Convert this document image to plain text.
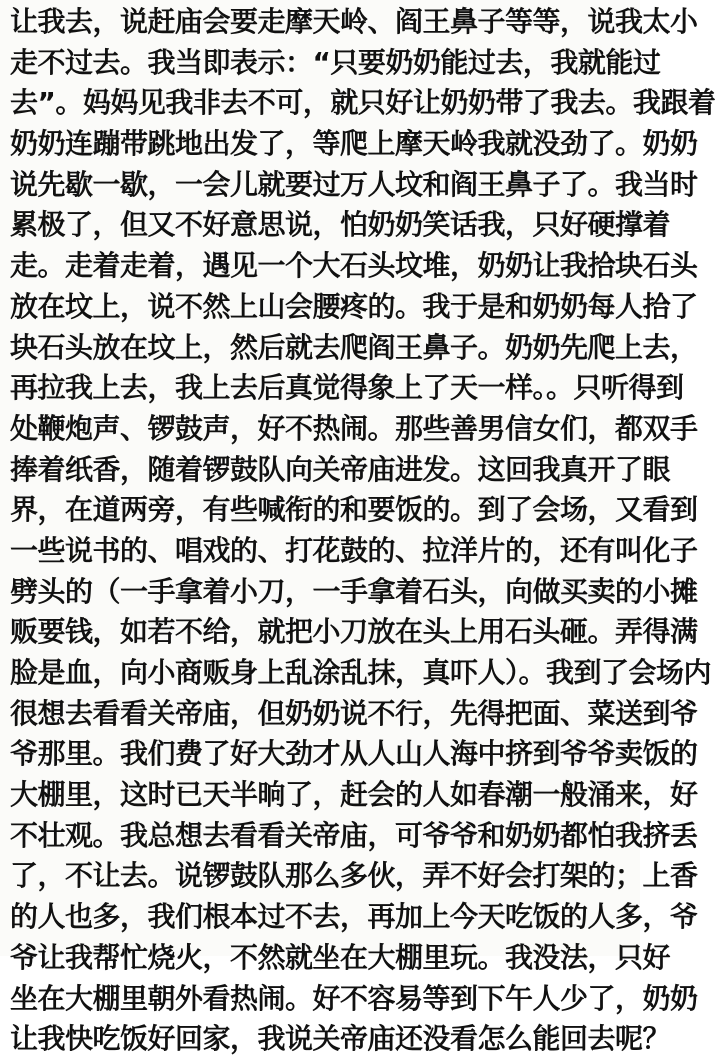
让我去，说赶庙会要走摩天岭、阎王鼻子等等，说我太小
走不过去。我当即表示：“只要奶奶能过去，我就能过
去”。妈妈见我非去不可，就只好让奶奶带了我去。我跟着
奶奶连蹦带跳地出发了，等爬上摩天岭我就没劲了。奶奶
说先歇一歇，一会儿就要过万人坟和阎王鼻子了。我当时
累极了，但又不好意思说，怕奶奶笑话我，只好硬撑着
走。走着走着，遇见一个大石头坟堆，奶奶让我拾块石头
放在坟上，说不然上山会腰疼的。我于是和奶奶每人拾了
块石头放在坟上，然后就去爬阎王鼻子。奶奶先爬上去，
再拉我上去，我上去后真觉得象上了天一样。。只听得到
处鞭炮声、锣鼓声，好不热闹。那些善男信女们，都双手
捧着纸香，随着锣鼓队向关帝庙进发。这回我真开了眼
界，在道两旁，有些喊衔的和要饭的。到了会场，又看到
一些说书的、唱戏的、打花鼓的、拉洋片的，还有叫化子
劈头的（一手拿着小刀，一手拿着石头，向做买卖的小摊
贩要钱，如若不给，就把小刀放在头上用石头砸。弄得满
脸是血，向小商贩身上乱涂乱抹，真吓人）。我到了会场内
很想去看看关帝庙，但奶奶说不行，先得把面、菜送到爷
爷那里。我们费了好大劲才从人山人海中挤到爷爷卖饭的
大棚里，这时已天半晌了，赶会的人如春潮一般涌来，好
不壮观。我总想去看看关帝庙，可爷爷和奶奶都怕我挤丢
了，不让去。说锣鼓队那么多伙，弄不好会打架的；上香
的人也多，我们根本过不去，再加上今天吃饭的人多，爷
爷让我帮忙烧火，不然就坐在大棚里玩。我没法，只好
坐在大棚里朝外看热闹。好不容易等到下午人少了，奶奶
让我快吃饭好回家，我说关帝庙还没看怎么能回去呢？
